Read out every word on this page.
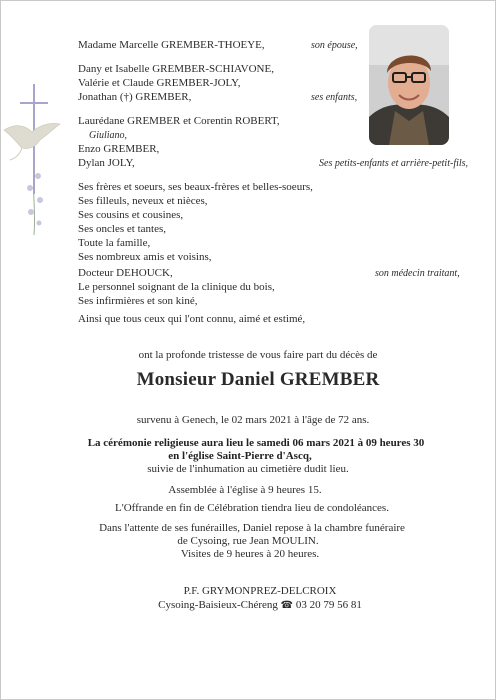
Madame Marcelle GREMBER-THOEYE,	son épouse,
Dany et Isabelle GREMBER-SCHIAVONE,
Valérie et Claude GREMBER-JOLY,
Jonathan (†) GREMBER,	ses enfants,
Laurédane GREMBER et Corentin ROBERT,
Giuliano,
Enzo GREMBER,
Dylan JOLY,	Ses petits-enfants et arrière-petit-fils,
Ses frères et soeurs, ses beaux-frères et belles-soeurs,
Ses filleuls, neveux et nièces,
Ses cousins et cousines,
Ses oncles et tantes,
Toute la famille,
Ses nombreux amis et voisins,
Docteur DEHOUCK,	son médecin traitant,
Le personnel soignant de la clinique du bois,
Ses infirmières et son kiné,
Ainsi que tous ceux qui l'ont connu, aimé et estimé,
ont la profonde tristesse de vous faire part du décès de
Monsieur Daniel GREMBER
survenu à Genech, le 02 mars 2021 à l'âge de 72 ans.
La cérémonie religieuse aura lieu le samedi 06 mars 2021 à 09 heures 30
en l'église Saint-Pierre d'Ascq,
suivie de l'inhumation au cimetière dudit lieu.
Assemblée à l'église à 9 heures 15.
L'Offrande en fin de Célébration tiendra lieu de condoléances.
Dans l'attente de ses funérailles, Daniel repose à la chambre funéraire
de Cysoing, rue Jean MOULIN.
Visites de 9 heures à 20 heures.
P.F. GRYMONPREZ-DELCROIX
Cysoing-Baisieux-Chéreng ☎ 03 20 79 56 81
